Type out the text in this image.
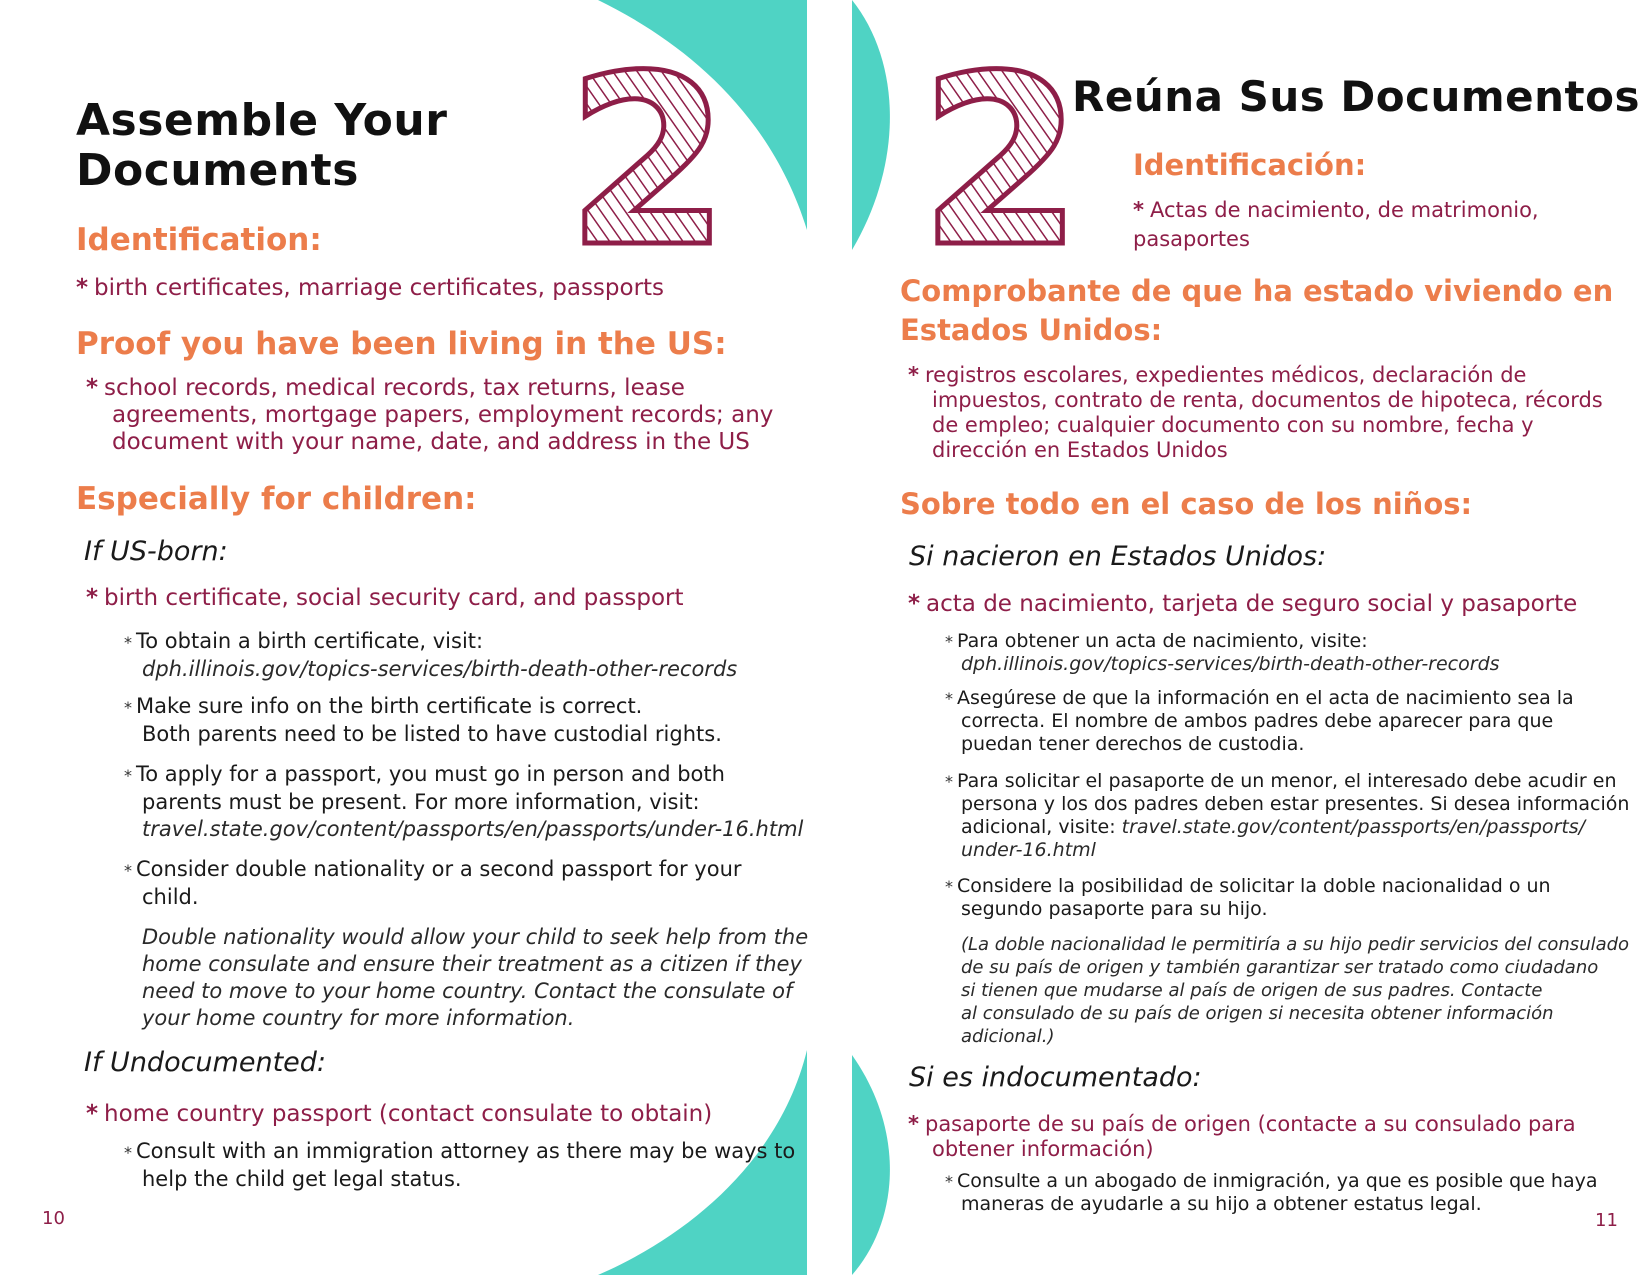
Assemble Your
Documents 2
Identification:
* birth certificates, marriage certificates, passports
Proof you have been living in the US:
* school records, medical records, tax returns, lease
agreements, mortgage papers, employment records; any
document with your name, date, and address in the US
Especially for children:
If US-born:
* birth certificate, social security card, and passport
* To obtain a birth certificate, visit:
dph.illinois.gov/topics-services/birth-death-other-records
* Make sure info on the birth certificate is correct.
Both parents need to be listed to have custodial rights.
* To apply for a passport, you must go in person and both
parents must be present. For more information, visit:
travel.state.gov/content/passports/en/passports/under-16.html
* Consider double nationality or a second passport for your
child.
Double nationality would allow your child to seek help from the
home consulate and ensure their treatment as a citizen if they
need to move to your home country. Contact the consulate of
your home country for more information.
If Undocumented:
* home country passport (contact consulate to obtain)
* Consult with an immigration attorney as there may be ways to
help the child get legal status.
10
2
Reúna Sus Documentos
Identificación:
* Actas de nacimiento, de matrimonio,
pasaportes
Comprobante de que ha estado viviendo en
Estados Unidos:
* registros escolares, expedientes médicos, declaración de
impuestos, contrato de renta, documentos de hipoteca, récords
de empleo; cualquier documento con su nombre, fecha y
dirección en Estados Unidos
Sobre todo en el caso de los niños:
Si nacieron en Estados Unidos:
* acta de nacimiento, tarjeta de seguro social y pasaporte
* Para obtener un acta de nacimiento, visite:
dph.illinois.gov/topics-services/birth-death-other-records
* Asegúrese de que la información en el acta de nacimiento sea la
correcta. El nombre de ambos padres debe aparecer para que
puedan tener derechos de custodia.
* Para solicitar el pasaporte de un menor, el interesado debe acudir en
persona y los dos padres deben estar presentes. Si desea información
adicional, visite: travel.state.gov/content/passports/en/passports/
under-16.html
* Considere la posibilidad de solicitar la doble nacionalidad o un
segundo pasaporte para su hijo.
(La doble nacionalidad le permitiría a su hijo pedir servicios del consulado
de su país de origen y también garantizar ser tratado como ciudadano
si tienen que mudarse al país de origen de sus padres. Contacte
al consulado de su país de origen si necesita obtener información
adicional.)
Si es indocumentado:
* pasaporte de su país de origen (contacte a su consulado para
obtener información)
* Consulte a un abogado de inmigración, ya que es posible que haya
maneras de ayudarle a su hijo a obtener estatus legal.
11
